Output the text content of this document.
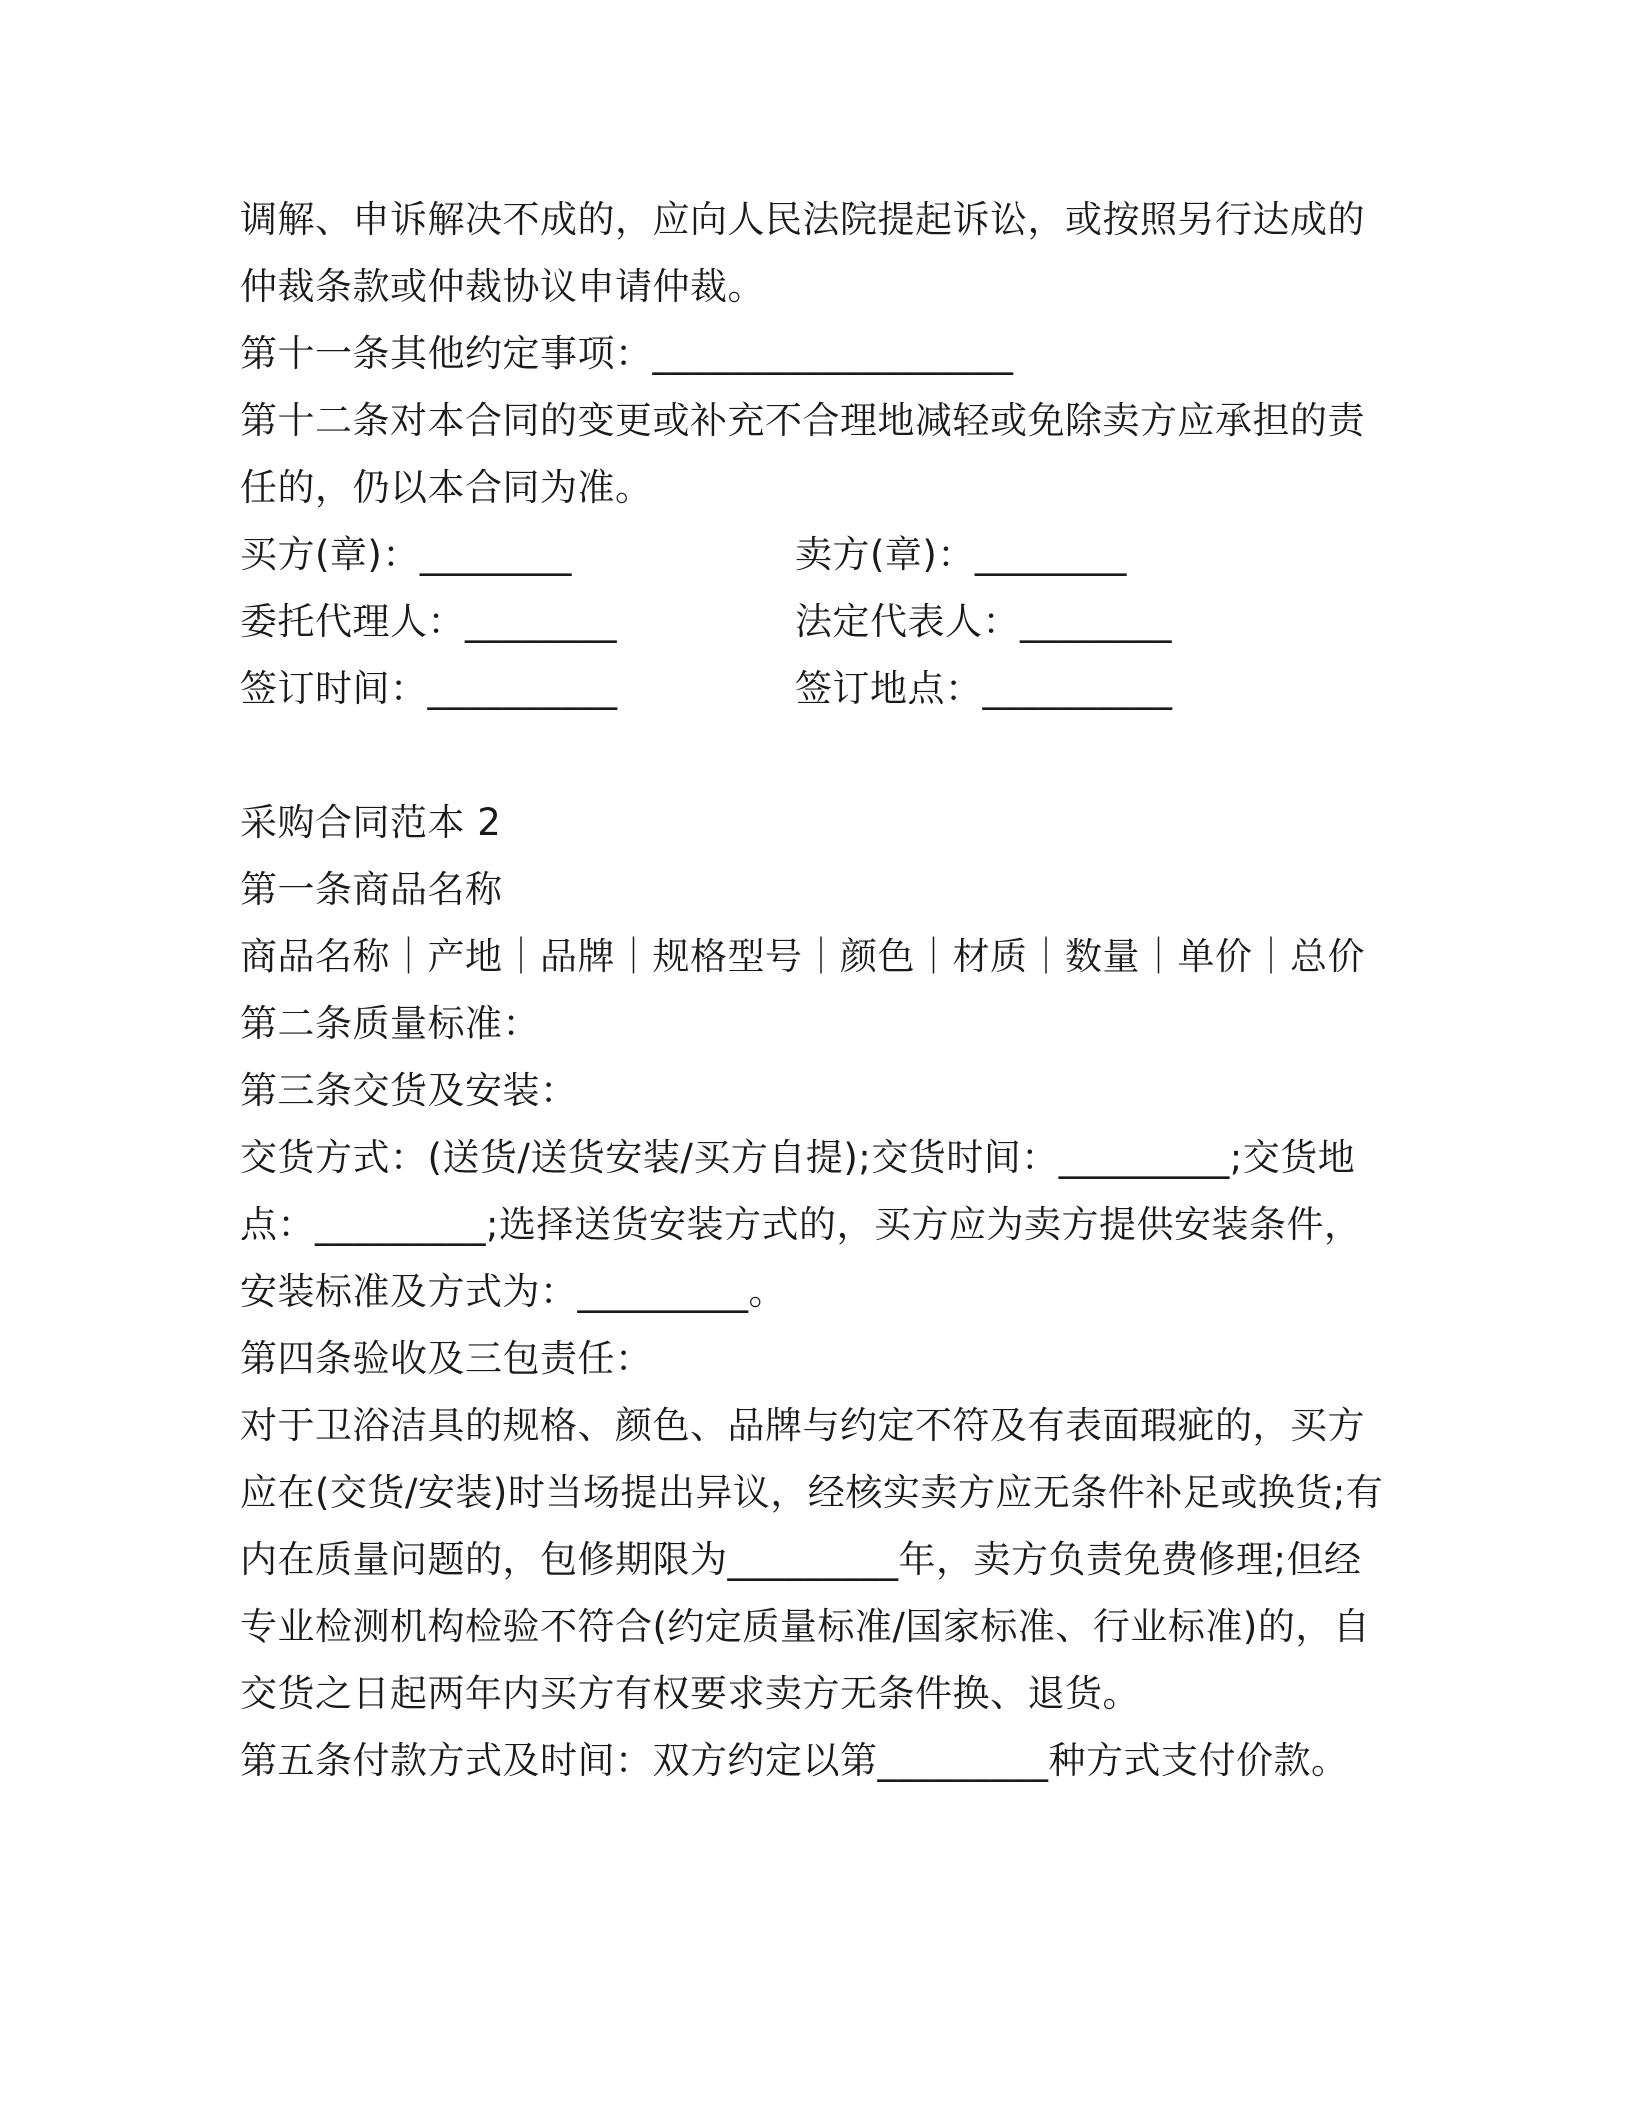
调解、申诉解决不成的，应向人民法院提起诉讼，或按照另行达成的
仲裁条款或仲裁协议申请仲裁。
第十一条其他约定事项：___________________
第十二条对本合同的变更或补充不合理地减轻或免除卖方应承担的责
任的，仍以本合同为准。
买方(章)：________	卖方(章)：________
委托代理人：________	法定代表人：________
签订时间：__________	签订地点：__________
采购合同范本 2
第一条商品名称
商品名称｜产地｜品牌｜规格型号｜颜色｜材质｜数量｜单价｜总价
第二条质量标准：
第三条交货及安装：
交货方式：(送货/送货安装/买方自提);交货时间：_________;交货地
点：_________;选择送货安装方式的，买方应为卖方提供安装条件，
安装标准及方式为：_________。
第四条验收及三包责任：
对于卫浴洁具的规格、颜色、品牌与约定不符及有表面瑕疵的，买方
应在(交货/安装)时当场提出异议，经核实卖方应无条件补足或换货;有
内在质量问题的，包修期限为_________年，卖方负责免费修理;但经
专业检测机构检验不符合(约定质量标准/国家标准、行业标准)的，自
交货之日起两年内买方有权要求卖方无条件换、退货。
第五条付款方式及时间：双方约定以第_________种方式支付价款。
